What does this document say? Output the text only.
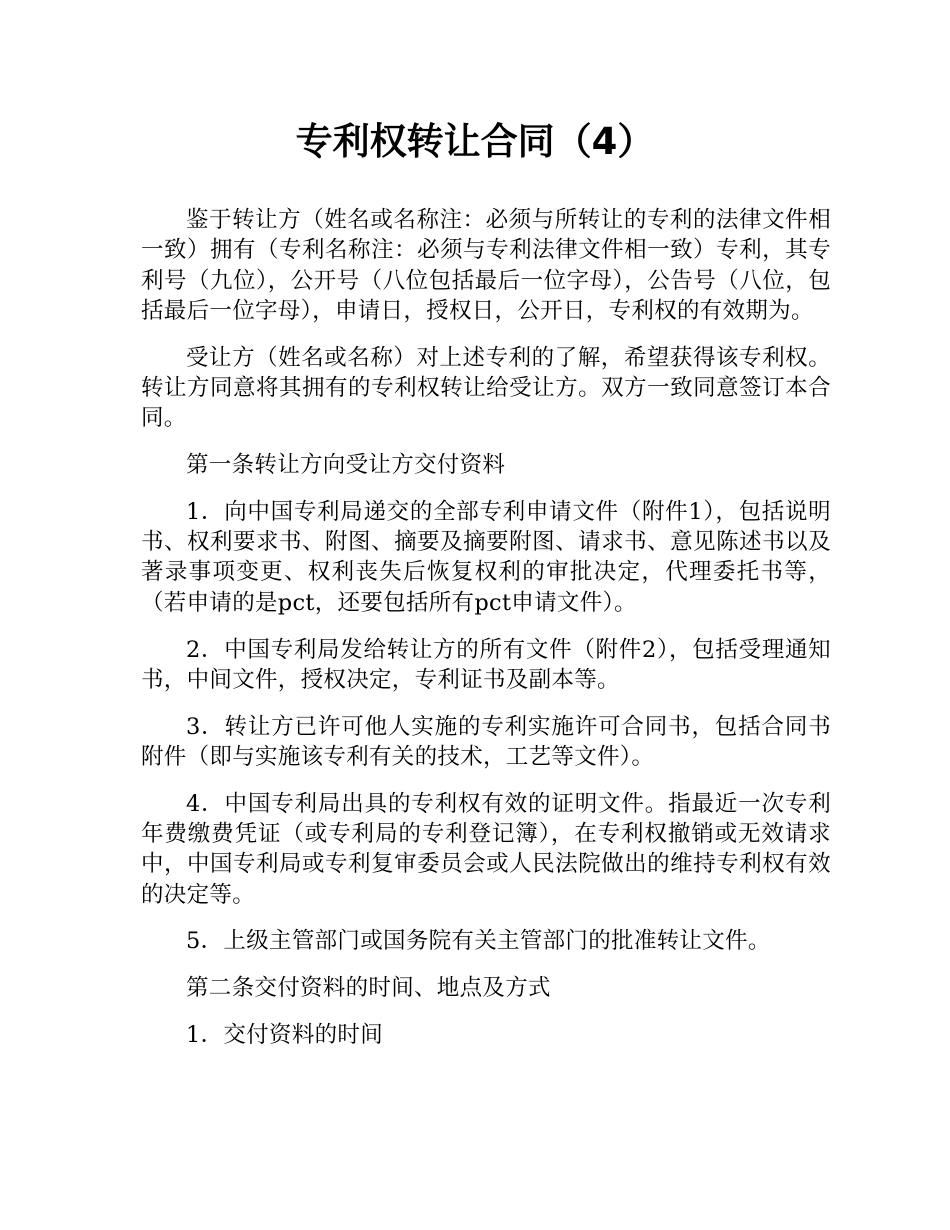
专利权转让合同（4）

鉴于转让方（姓名或名称注：必须与所转让的专利的法律文件相一致）拥有（专利名称注：必须与专利法律文件相一致）专利，其专利号（九位），公开号（八位包括最后一位字母），公告号（八位，包括最后一位字母），申请日，授权日，公开日，专利权的有效期为。

受让方（姓名或名称）对上述专利的了解，希望获得该专利权。转让方同意将其拥有的专利权转让给受让方。双方一致同意签订本合同。

第一条转让方向受让方交付资料

1．向中国专利局递交的全部专利申请文件（附件1），包括说明书、权利要求书、附图、摘要及摘要附图、请求书、意见陈述书以及著录事项变更、权利丧失后恢复权利的审批决定，代理委托书等，（若申请的是pct，还要包括所有pct申请文件）。

2．中国专利局发给转让方的所有文件（附件2），包括受理通知书，中间文件，授权决定，专利证书及副本等。

3．转让方已许可他人实施的专利实施许可合同书，包括合同书附件（即与实施该专利有关的技术，工艺等文件）。

4．中国专利局出具的专利权有效的证明文件。指最近一次专利年费缴费凭证（或专利局的专利登记簿），在专利权撤销或无效请求中，中国专利局或专利复审委员会或人民法院做出的维持专利权有效的决定等。

5．上级主管部门或国务院有关主管部门的批准转让文件。

第二条交付资料的时间、地点及方式

1．交付资料的时间
